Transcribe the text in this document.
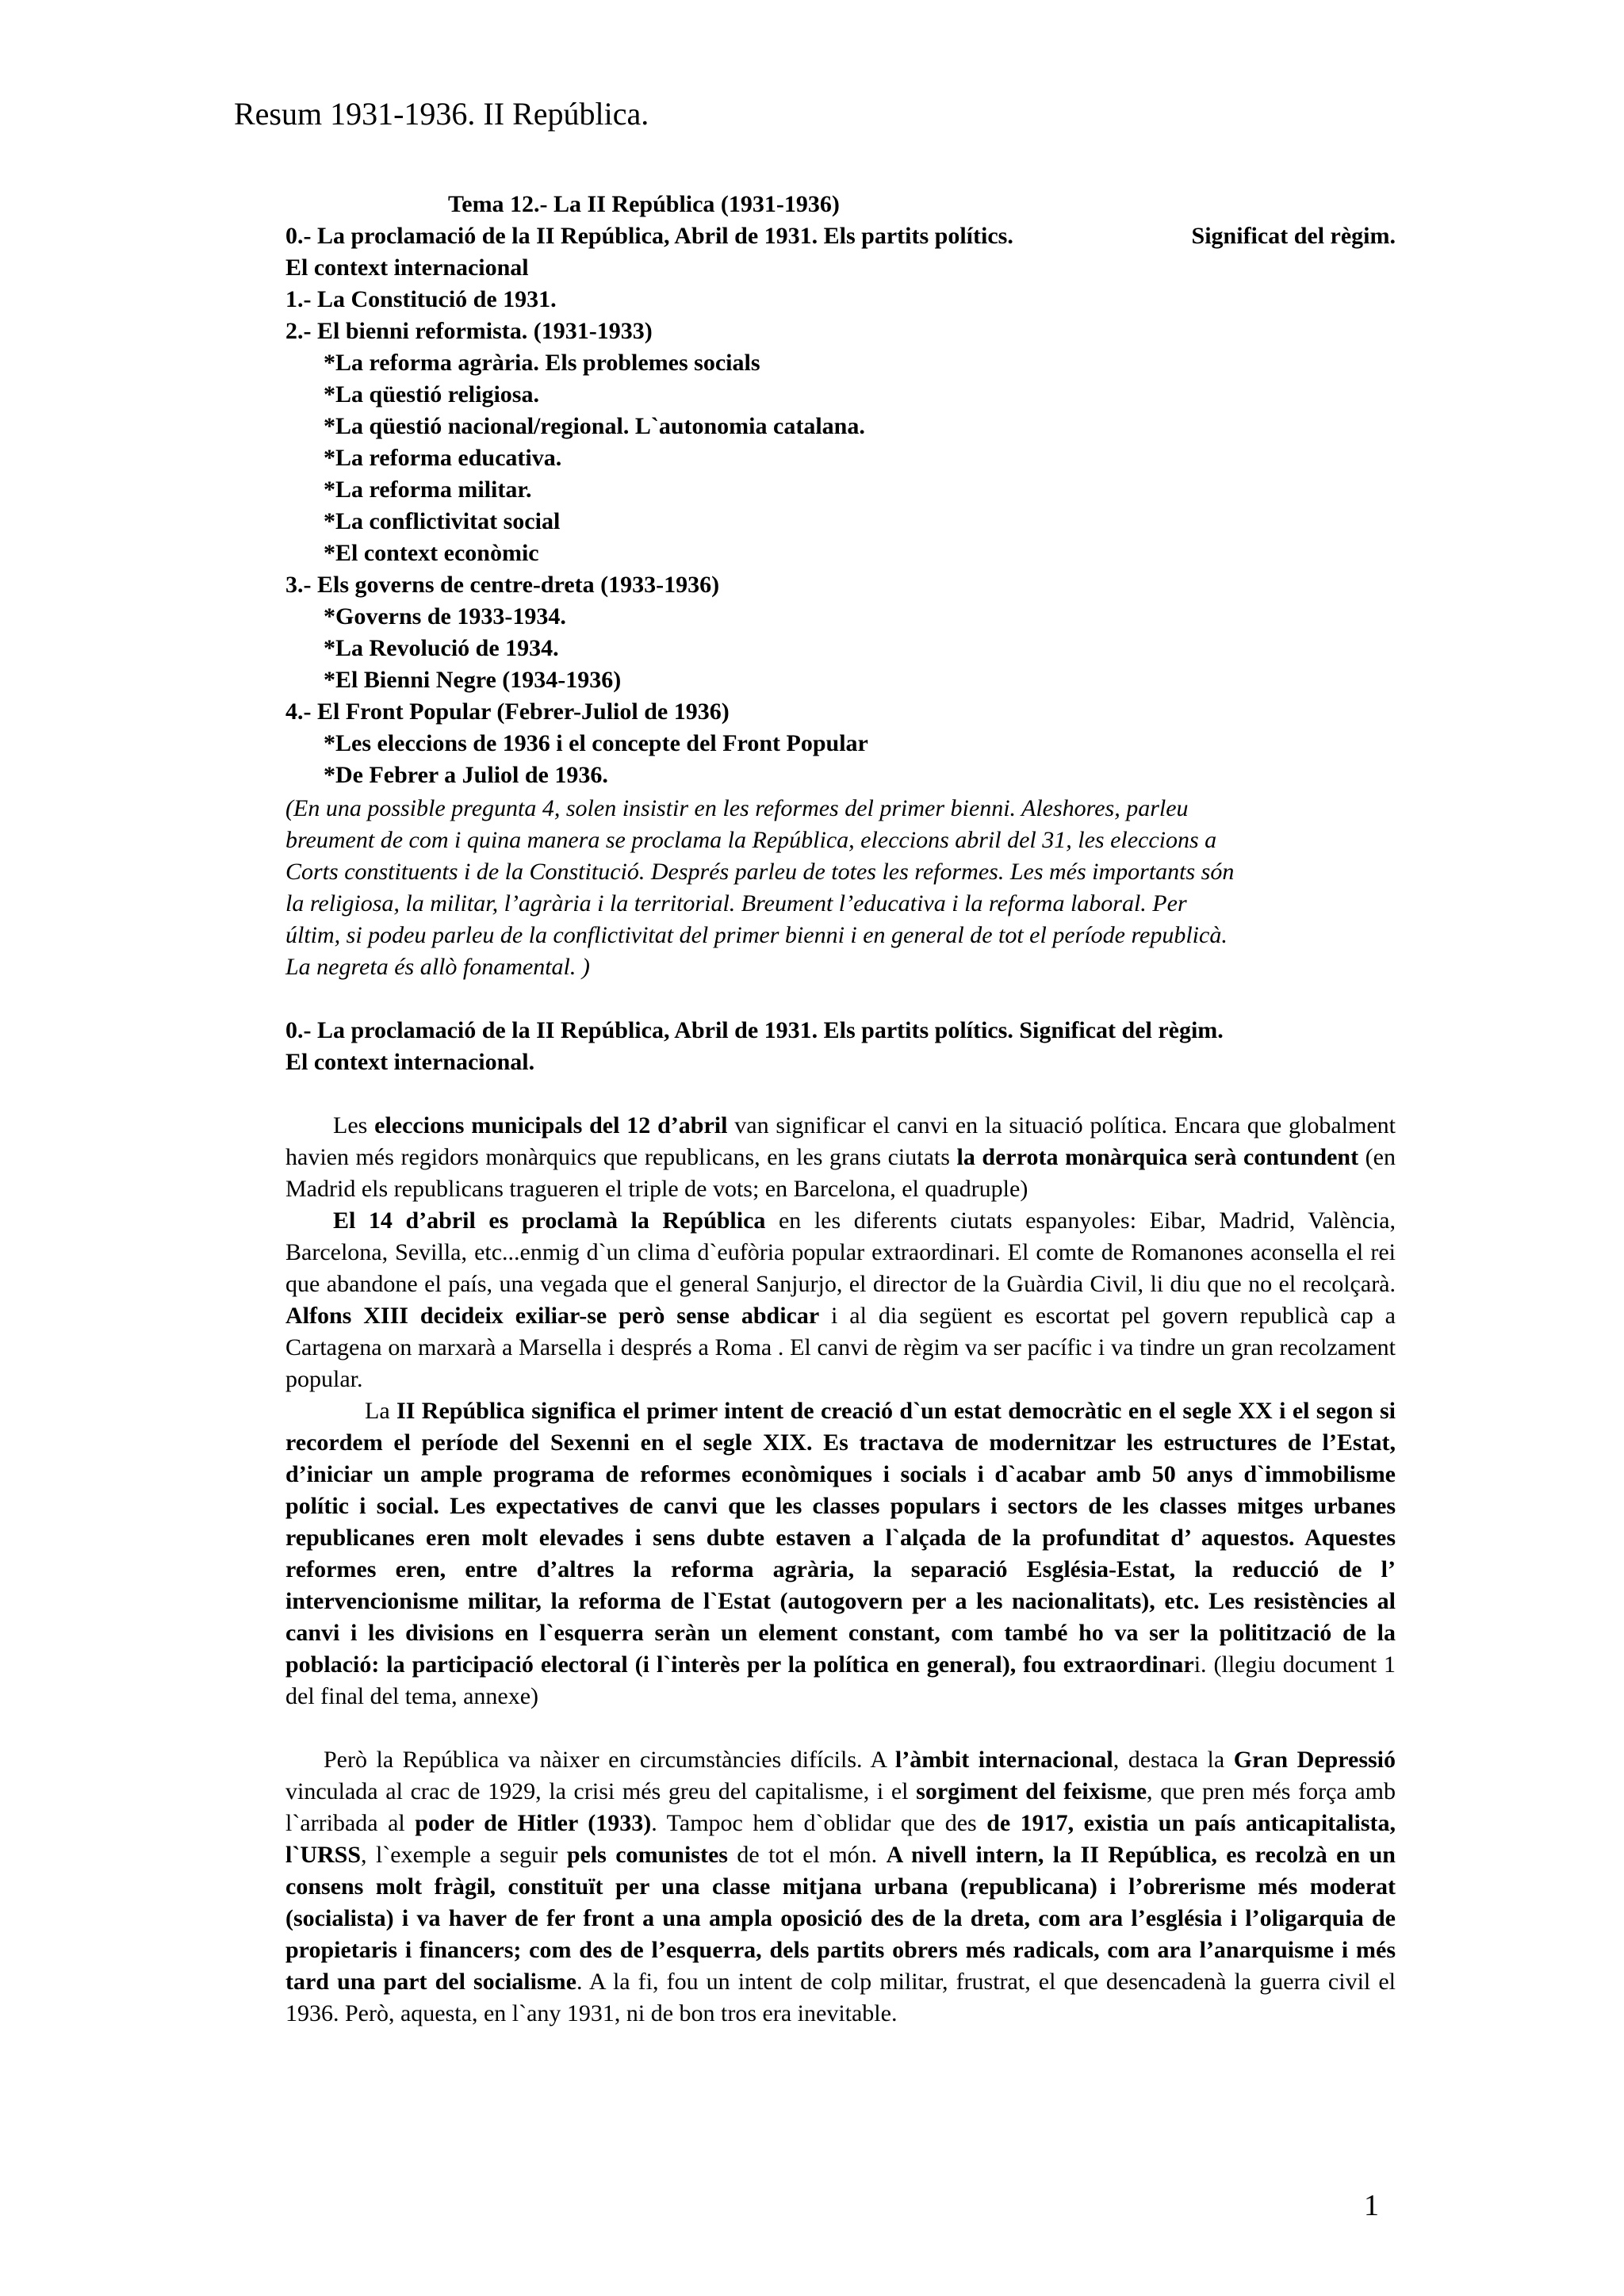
Resum 1931-1936. II República.
Tema 12.- La II República (1931-1936)
0.- La proclamació de la II República, Abril de 1931. Els partits polítics.	Significat del règim.
El context internacional
1.- La Constitució de 1931.
2.- El bienni reformista. (1931-1933)
*La reforma agrària. Els problemes socials
*La qüestió religiosa.
*La qüestió nacional/regional. L`autonomia catalana.
*La reforma educativa.
*La reforma militar.
*La conflictivitat social
*El context econòmic
3.- Els governs de centre-dreta (1933-1936)
*Governs de 1933-1934.
*La Revolució de 1934.
*El Bienni Negre (1934-1936)
4.- El Front Popular (Febrer-Juliol de 1936)
*Les eleccions de 1936 i el concepte del Front Popular
*De Febrer a Juliol de 1936.
(En una possible pregunta 4, solen insistir en les reformes del primer bienni. Aleshores, parleu
breument de com i quina manera se proclama la República, eleccions abril del 31, les eleccions a
Corts constituents i de la Constitució. Després parleu de totes les reformes. Les més importants són
la religiosa, la militar, l’agrària i la territorial. Breument l’educativa i la reforma laboral. Per
últim, si podeu parleu de la conflictivitat del primer bienni i en general de tot el període republicà.
La negreta és allò fonamental. )
0.- La proclamació de la II República, Abril de 1931. Els partits polítics. Significat del règim.
El context internacional.

Les eleccions municipals del 12 d’abril van significar el canvi en la situació política. Encara que globalment havien més regidors monàrquics que republicans, en les grans ciutats la derrota monàrquica serà contundent (en Madrid els republicans tragueren el triple de vots; en Barcelona, el quadruple)

El 14 d’abril es proclamà la República en les diferents ciutats espanyoles: Eibar, Madrid, València, Barcelona, Sevilla, etc...enmig d`un clima d`eufòria popular extraordinari. El comte de Romanones aconsella el rei que abandone el país, una vegada que el general Sanjurjo, el director de la Guàrdia Civil, li diu que no el recolçarà. Alfons XIII decideix exiliar-se però sense abdicar i al dia següent es escortat pel govern republicà cap a Cartagena on marxarà a Marsella i després a Roma . El canvi de règim va ser pacífic i va tindre un gran recolzament popular.

La II República significa el primer intent de creació d`un estat democràtic en el segle XX i el segon si recordem el període del Sexenni en el segle XIX. Es tractava de modernitzar les estructures de l’Estat, d’iniciar un ample programa de reformes econòmiques i socials i d`acabar amb 50 anys d`immobilisme polític i social. Les expectatives de canvi que les classes populars i sectors de les classes mitges urbanes republicanes eren molt elevades i sens dubte estaven a l`alçada de la profunditat d’ aquestos. Aquestes reformes eren, entre d’altres la reforma agrària, la separació Església-Estat, la reducció de l’ intervencionisme militar, la reforma de l`Estat (autogovern per a les nacionalitats), etc. Les resistències al canvi i les divisions en l`esquerra seràn un element constant, com també ho va ser la politització de la població: la participació electoral (i l`interès per la política en general), fou extraordinari. (llegiu document 1 del final del tema, annexe)

Però la República va nàixer en circumstàncies difícils. A l’àmbit internacional, destaca la Gran Depressió vinculada al crac de 1929, la crisi més greu del capitalisme, i el sorgiment del feixisme, que pren més força amb l`arribada al poder de Hitler (1933). Tampoc hem d`oblidar que des de 1917, existia un país anticapitalista, l`URSS, l`exemple a seguir pels comunistes de tot el món. A nivell intern, la II República, es recolzà en un consens molt fràgil, constituït per una classe mitjana urbana (republicana) i l’obrerisme més moderat (socialista) i va haver de fer front a una ampla oposició des de la dreta, com ara l’església i l’oligarquia de propietaris i financers; com des de l’esquerra, dels partits obrers més radicals, com ara l’anarquisme i més tard una part del socialisme. A la fi, fou un intent de colp militar, frustrat, el que desencadenà la guerra civil el 1936. Però, aquesta, en l`any 1931, ni de bon tros era inevitable.

1
